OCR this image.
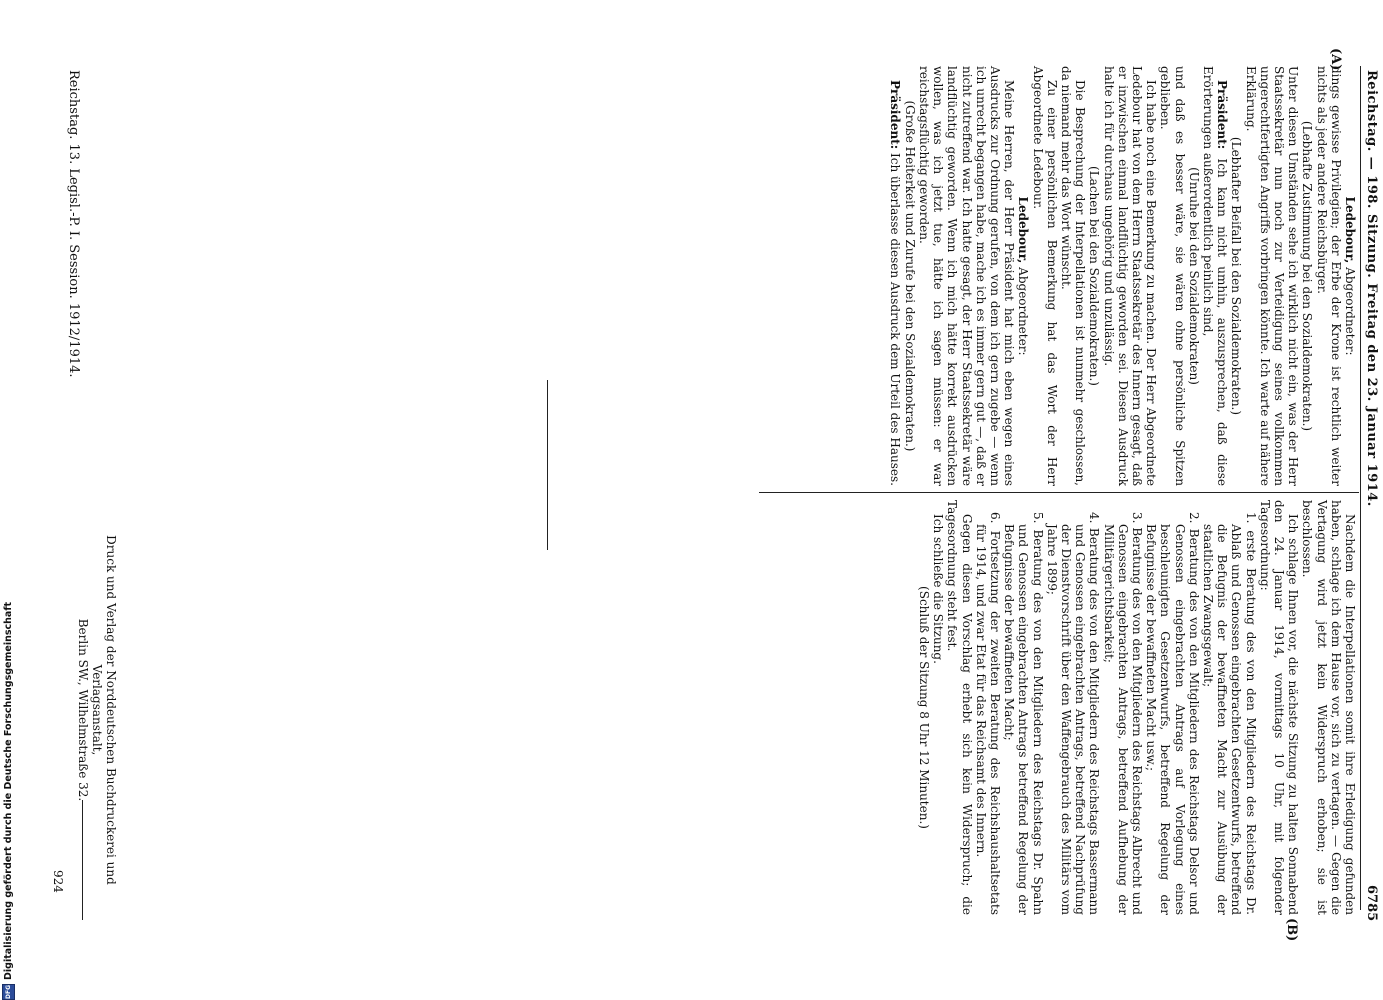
Reichstag. — 198. Sitzung. Freitag den 23. Januar 1914.
6785
(A)
(B)

Ledebour, Abgeordneter:

dings gewisse Privilegien; der Erbe der Krone ist rechtlich weiter nichts als jeder andere Reichsbürger.

(Lebhafte Zustimmung bei den Sozialdemokraten.)

Unter diesen Umständen sehe ich wirklich nicht ein, was der Herr Staatssekretär nun noch zur Verteidigung seines vollkommen ungerechtfertigten Angriffs vorbringen könnte. Ich warte auf nähere Erklärung.

(Lebhafter Beifall bei den Sozialdemokraten.)

Präsident: Ich kann nicht umhin, auszusprechen, daß diese Erörterungen außerordentlich peinlich sind,

(Unruhe bei den Sozialdemokraten)

und daß es besser wäre, sie wären ohne persönliche Spitzen geblieben.

Ich habe noch eine Bemerkung zu machen. Der Herr Abgeordnete Ledebour hat von dem Herrn Staatssekretär des Innern gesagt, daß er inzwischen einmal landflüchtig geworden sei. Diesen Ausdruck halte ich für durchaus ungehörig und unzulässig.

(Lachen bei den Sozialdemokraten.)

Die Besprechung der Interpellationen ist nunmehr geschlossen, da niemand mehr das Wort wünscht.

Zu einer persönlichen Bemerkung hat das Wort der Herr Abgeordnete Ledebour.

Ledebour, Abgeordneter:

Meine Herren, der Herr Präsident hat mich eben wegen eines Ausdrucks zur Ordnung gerufen, von dem ich gern zugebe — wenn ich unrecht begangen habe, mache ich es immer gern gut —, daß er nicht zutreffend war. Ich hatte gesagt, der Herr Staatssekretär wäre landflüchtig geworden. Wenn ich mich hätte korrekt ausdrücken wollen, was ich jetzt tue, hätte ich sagen müssen: er war reichstagsflüchtig geworden.

(Große Heiterkeit und Zurufe bei den Sozialdemokraten.)

Präsident: Ich überlasse diesen Ausdruck dem Urteil des Hauses.

Nachdem die Interpellationen somit ihre Erledigung gefunden haben, schlage ich dem Hause vor, sich zu vertagen. — Gegen die Vertagung wird jetzt kein Widerspruch erhoben; sie ist beschlossen.

Ich schlage Ihnen vor, die nächste Sitzung zu halten Sonnabend den 24. Januar 1914, vormittags 10 Uhr, mit folgender Tagesordnung:

1. erste Beratung des von den Mitgliedern des Reichstags Dr. Ablaß und Genossen eingebrachten Gesetzentwurfs, betreffend die Befugnis der bewaffneten Macht zur Ausübung der staatlichen Zwangsgewalt;

2. Beratung des von den Mitgliedern des Reichstags Delsor und Genossen eingebrachten Antrags auf Vorlegung eines beschleunigten Gesetzentwurfs, betreffend Regelung der Befugnisse der bewaffneten Macht usw.;

3. Beratung des von den Mitgliedern des Reichstags Albrecht und Genossen eingebrachten Antrags, betreffend Aufhebung der Militärgerichtsbarkeit;

4. Beratung des von den Mitgliedern des Reichstags Bassermann und Genossen eingebrachten Antrags, betreffend Nachprüfung der Dienstvorschrift über den Waffengebrauch des Militärs vom Jahre 1899;

5. Beratung des von den Mitgliedern des Reichstags Dr. Spahn und Genossen eingebrachten Antrags betreffend Regelung der Befugnisse der bewaffneten Macht;

6. Fortsetzung der zweiten Beratung des Reichshaushaltsetats für 1914, und zwar Etat für das Reichsamt des Innern.

Gegen diesen Vorschlag erhebt sich kein Widerspruch; die Tagesordnung steht fest.

Ich schließe die Sitzung.

(Schluß der Sitzung 8 Uhr 12 Minuten.)

Reichstag. 13. Legisl.-P. I. Session. 1912/1914.
Druck und Verlag der Norddeutschen Buchdruckerei und Verlagsanstalt,
Berlin SW., Wilhelmstraße 32.
924
DFG
Digitalisierung gefördert durch die Deutsche Forschungsgemeinschaft
